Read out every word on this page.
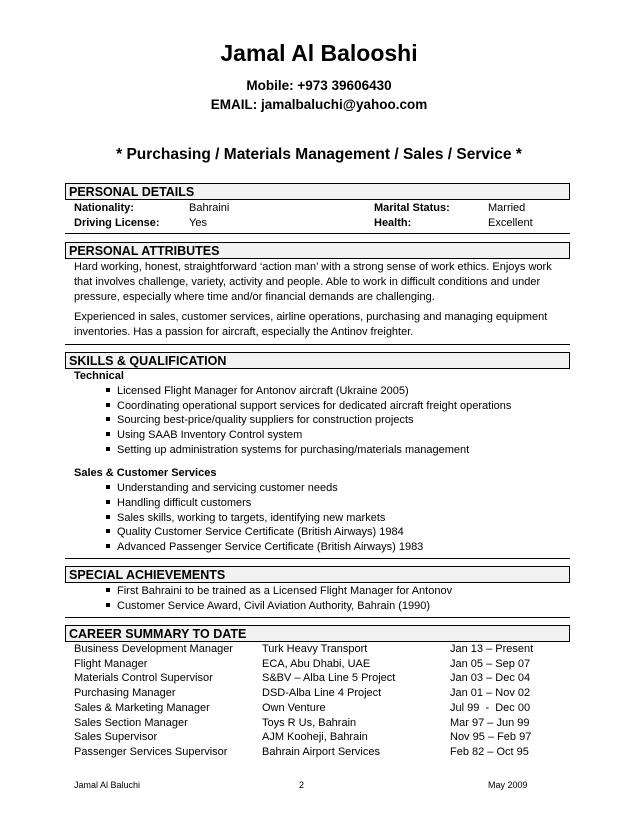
Jamal Al Balooshi
Mobile: +973 39606430
EMAIL: jamalbaluchi@yahoo.com
* Purchasing / Materials Management / Sales / Service *
PERSONAL DETAILS
Nationality:	Bahraini	Marital Status:	Married
Driving License:	Yes	Health:	Excellent
PERSONAL ATTRIBUTES
Hard working, honest, straightforward ‘action man’ with a strong sense of work ethics. Enjoys work that involves challenge, variety, activity and people. Able to work in difficult conditions and under pressure, especially where time and/or financial demands are challenging.
Experienced in sales, customer services, airline operations, purchasing and managing equipment inventories. Has a passion for aircraft, especially the Antinov freighter.
SKILLS & QUALIFICATION
Technical
Licensed Flight Manager for Antonov aircraft (Ukraine 2005)
Coordinating operational support services for dedicated aircraft freight operations
Sourcing best-price/quality suppliers for construction projects
Using SAAB Inventory Control system
Setting up administration systems for purchasing/materials management
Sales & Customer Services
Understanding and servicing customer needs
Handling difficult customers
Sales skills, working to targets, identifying new markets
Quality Customer Service Certificate (British Airways) 1984
Advanced Passenger Service Certificate (British Airways) 1983
SPECIAL ACHIEVEMENTS
First Bahraini to be trained as a Licensed Flight Manager for Antonov
Customer Service Award, Civil Aviation Authority, Bahrain (1990)
CAREER SUMMARY TO DATE
Business Development Manager	Turk Heavy Transport	Jan 13 – Present
Flight Manager	ECA, Abu Dhabi, UAE	Jan 05 – Sep 07
Materials Control Supervisor	S&BV – Alba Line 5 Project	Jan 03 – Dec 04
Purchasing Manager	DSD-Alba Line 4 Project	Jan 01 – Nov 02
Sales & Marketing Manager	Own Venture	Jul 99  -  Dec 00
Sales Section Manager	Toys R Us, Bahrain	Mar 97 – Jun 99
Sales Supervisor	AJM Kooheji, Bahrain	Nov 95 – Feb 97
Passenger Services Supervisor	Bahrain Airport Services	Feb 82 – Oct 95
Jamal Al Baluchi	2	May 2009
